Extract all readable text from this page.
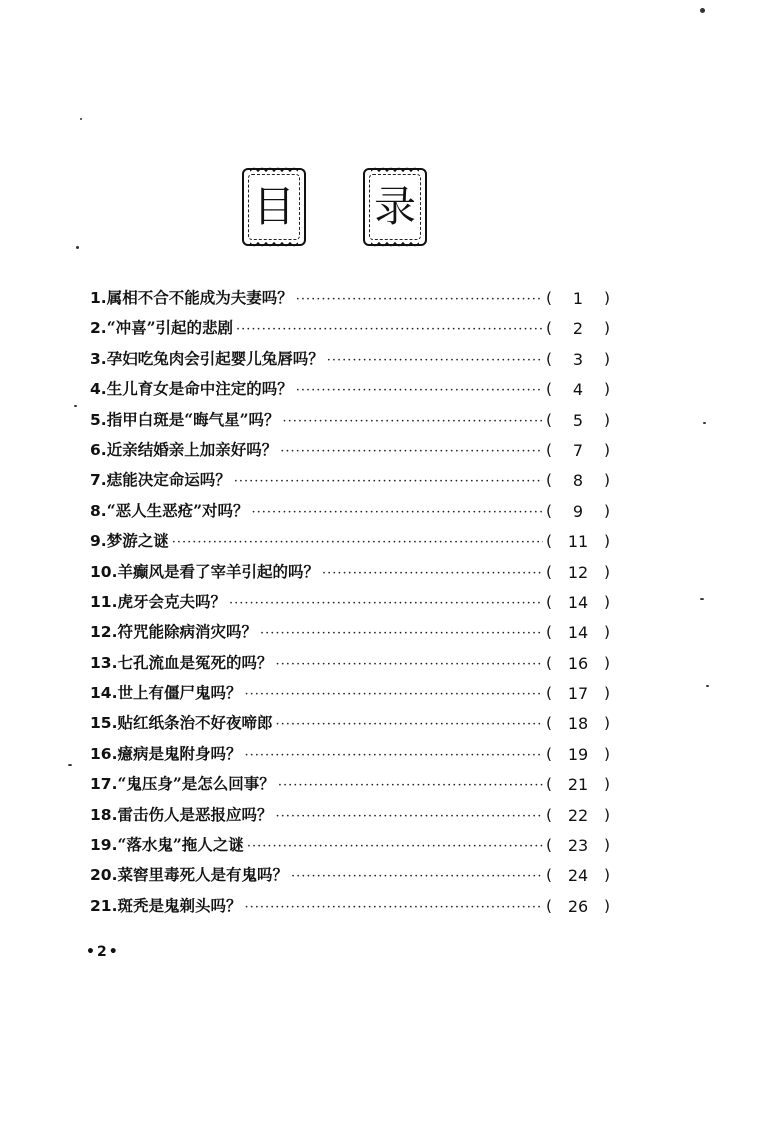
目 录
1. 属相不合不能成为夫妻吗？ ·····	(	1	)
2. “冲喜”引起的悲剧 ·····	(	2	)
3. 孕妇吃兔肉会引起婴儿兔唇吗？ ·····	(	3	)
4. 生儿育女是命中注定的吗？ ·····	(	4	)
5. 指甲白斑是“晦气星”吗？ ·····	(	5	)
6. 近亲结婚亲上加亲好吗？ ·····	(	7	)
7. 痣能决定命运吗？ ·····	(	8	)
8. “恶人生恶疮”对吗？ ·····	(	9	)
9. 梦游之谜 ·····	( 11	)
10. 羊癫风是看了宰羊引起的吗？ ·····	( 12	)
11. 虎牙会克夫吗？ ·····	( 14	)
12. 符咒能除病消灾吗？ ·····	( 14	)
13. 七孔流血是冤死的吗？ ·····	( 16	)
14. 世上有僵尸鬼吗？ ·····	( 17	)
15. 贴红纸条治不好夜啼郎 ·····	( 18	)
16. 癔病是鬼附身吗？ ·····	( 19	)
17. “鬼压身”是怎么回事？ ·····	( 21	)
18. 雷击伤人是恶报应吗？ ·····	( 22	)
19. “落水鬼”拖人之谜 ·····	( 23	)
20. 菜窖里毒死人是有鬼吗？ ·····	( 24	)
21. 斑秃是鬼剃头吗？ ·····	( 26	)
•2•
